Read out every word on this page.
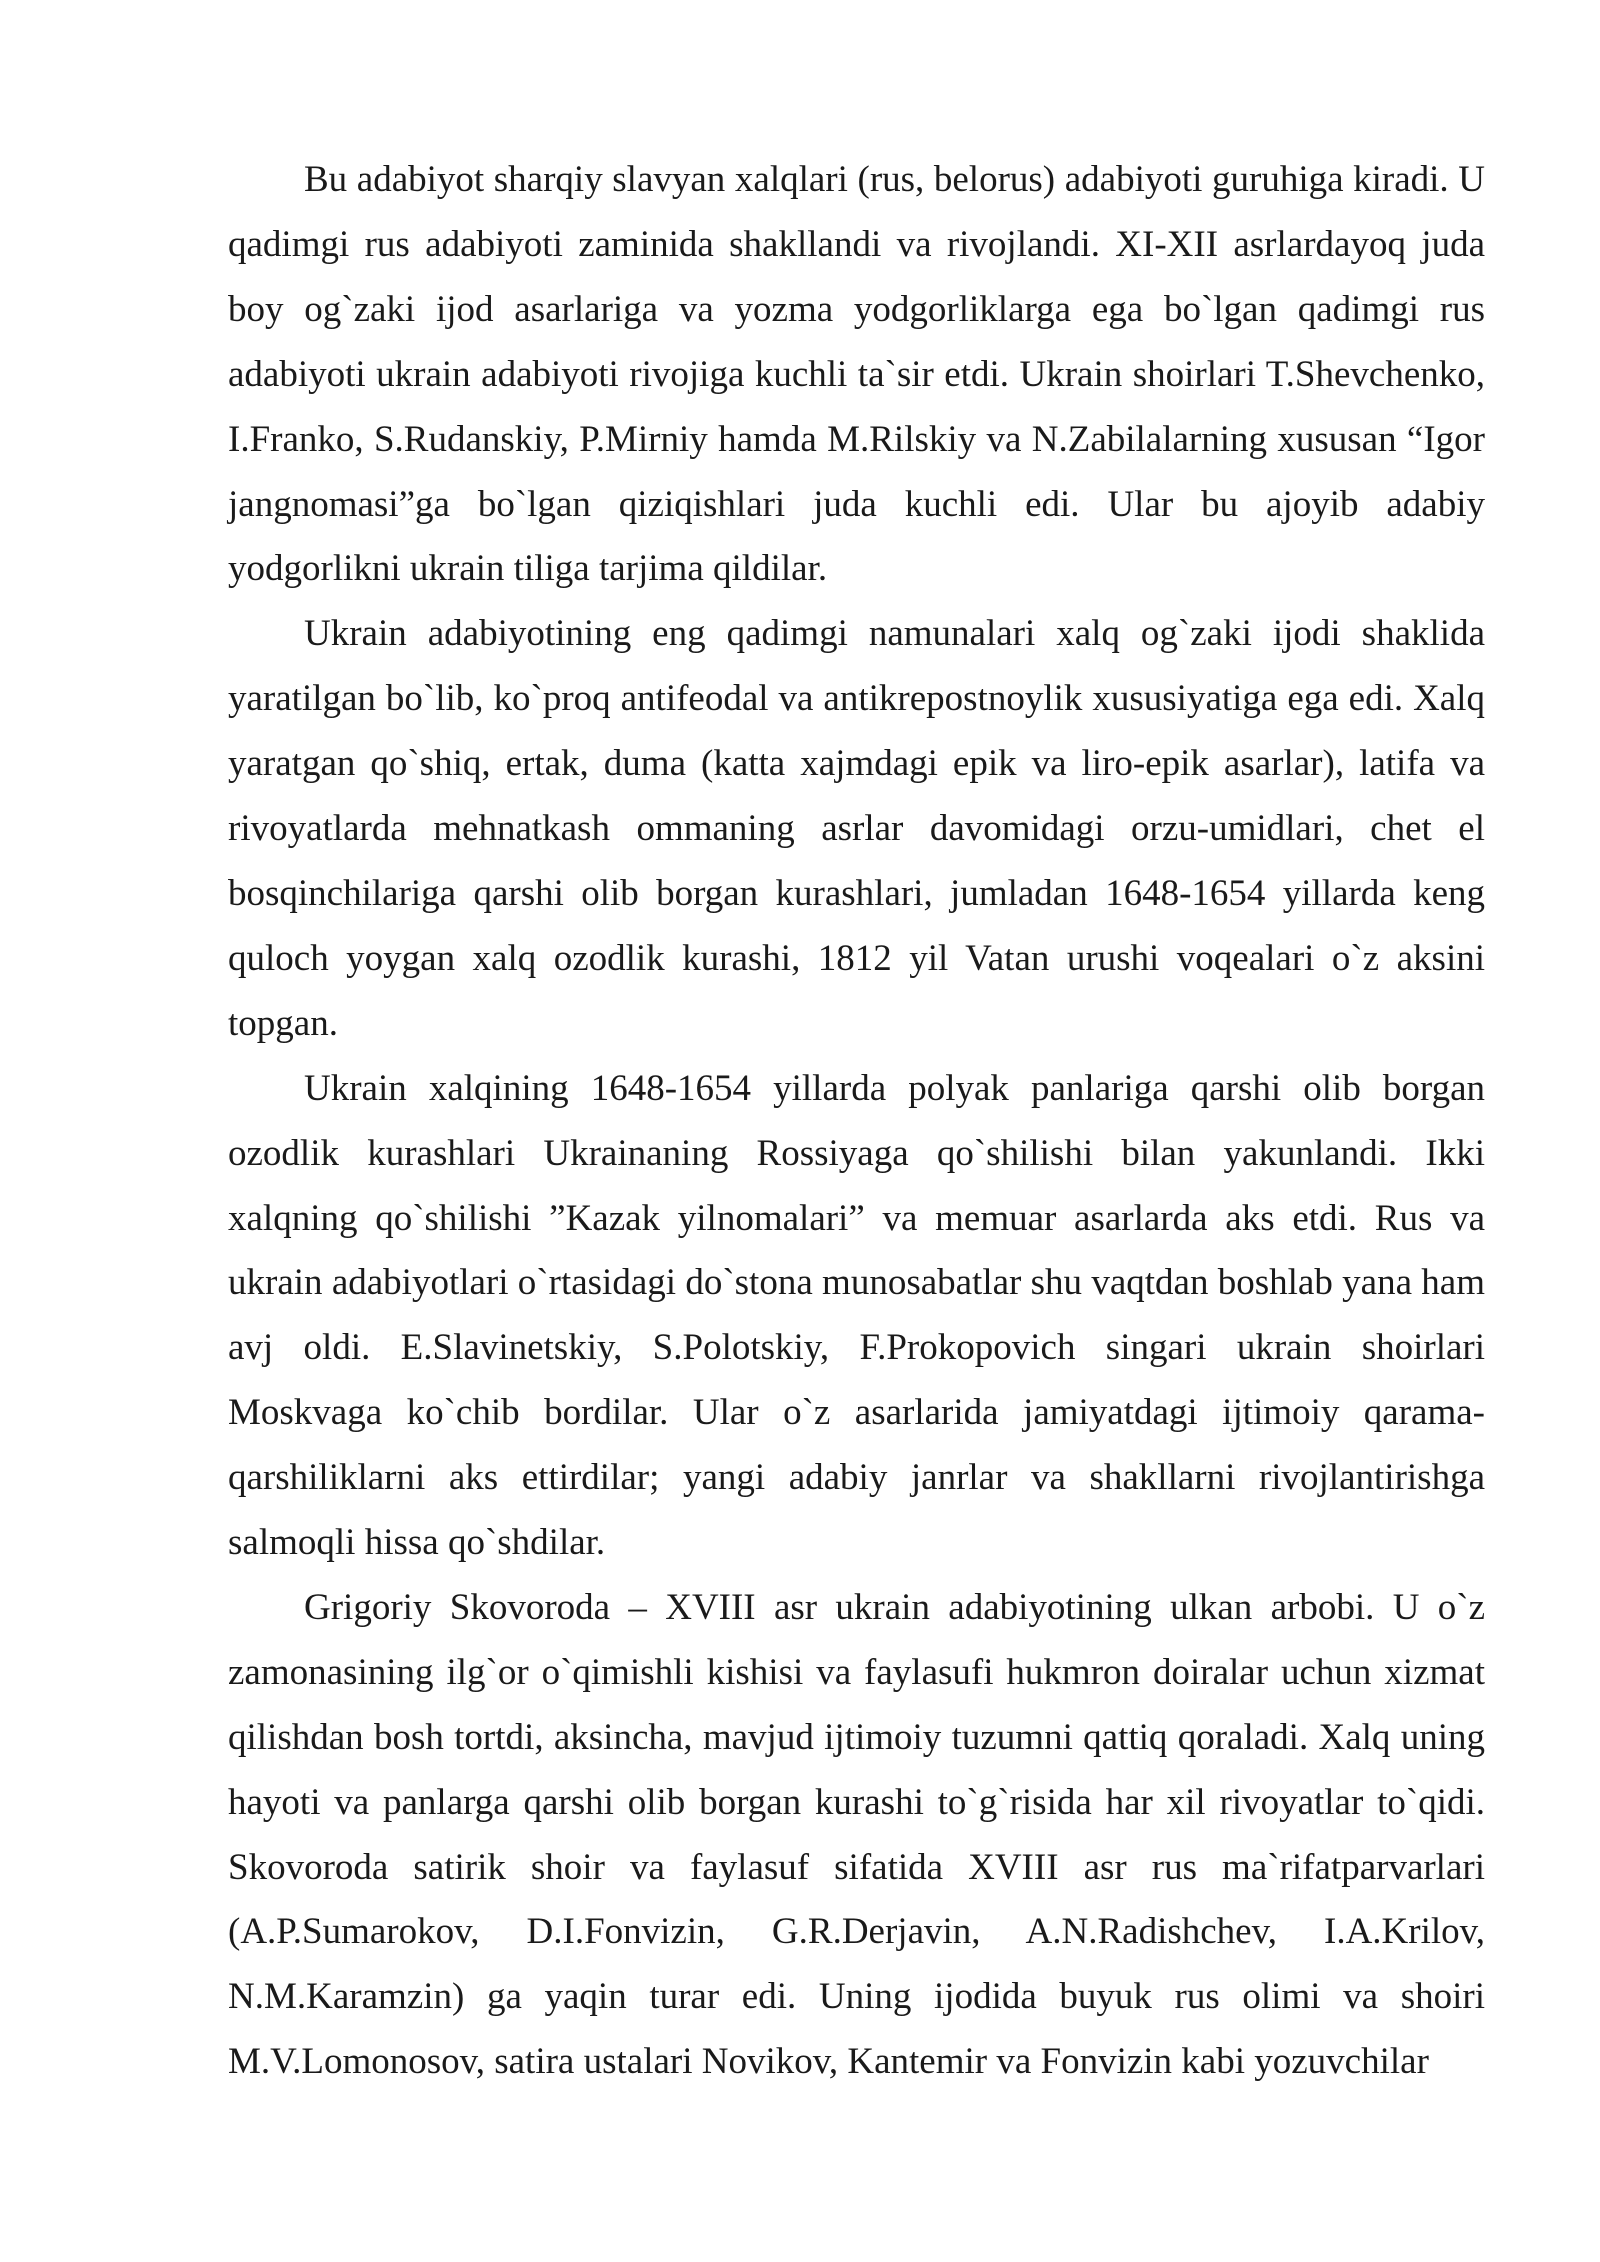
Bu adabiyot sharqiy slavyan xalqlari (rus, belorus) adabiyoti guruhiga kiradi. U qadimgi rus adabiyoti zaminida shakllandi va rivojlandi. XI-XII asrlardayoq juda boy og`zaki ijod asarlariga va yozma yodgorliklarga ega bo`lgan qadimgi rus adabiyoti ukrain adabiyoti rivojiga kuchli ta`sir etdi. Ukrain shoirlari T.Shevchenko, I.Franko, S.Rudanskiy, P.Mirniy hamda M.Rilskiy va N.Zabilalarning xususan “Igor jangnomasi”ga bo`lgan qiziqishlari juda kuchli edi. Ular bu ajoyib adabiy yodgorlikni ukrain tiliga tarjima qildilar.

Ukrain adabiyotining eng qadimgi namunalari xalq og`zaki ijodi shaklida yaratilgan bo`lib, ko`proq antifeodal va antikrepostnoylik xususiyatiga ega edi. Xalq yaratgan qo`shiq, ertak, duma (katta xajmdagi epik va liro-epik asarlar), latifa va rivoyatlarda mehnatkash ommaning asrlar davomidagi orzu-umidlari, chet el bosqinchilariga qarshi olib borgan kurashlari, jumladan 1648-1654 yillarda keng quloch yoygan xalq ozodlik kurashi, 1812 yil Vatan urushi voqealari o`z aksini topgan.

Ukrain xalqining 1648-1654 yillarda polyak panlariga qarshi olib borgan ozodlik kurashlari Ukrainaning Rossiyaga qo`shilishi bilan yakunlandi. Ikki xalqning qo`shilishi ”Kazak yilnomalari” va memuar asarlarda aks etdi. Rus va ukrain adabiyotlari o`rtasidagi do`stona munosabatlar shu vaqtdan boshlab yana ham avj oldi. E.Slavinetskiy, S.Polotskiy, F.Prokopovich singari ukrain shoirlari Moskvaga ko`chib bordilar. Ular o`z asarlarida jamiyatdagi ijtimoiy qarama-qarshiliklarni aks ettirdilar; yangi adabiy janrlar va shakllarni rivojlantirishga salmoqli hissa qo`shdilar.

Grigoriy Skovoroda – XVIII asr ukrain adabiyotining ulkan arbobi. U o`z zamonasining ilg`or o`qimishli kishisi va faylasufi hukmron doiralar uchun xizmat qilishdan bosh tortdi, aksincha, mavjud ijtimoiy tuzumni qattiq qoraladi. Xalq uning hayoti va panlarga qarshi olib borgan kurashi to`g`risida har xil rivoyatlar to`qidi. Skovoroda satirik shoir va faylasuf sifatida XVIII asr rus ma`rifatparvarlari (A.P.Sumarokov, D.I.Fonvizin, G.R.Derjavin, A.N.Radishchev, I.A.Krilov, N.M.Karamzin) ga yaqin turar edi. Uning ijodida buyuk rus olimi va shoiri M.V.Lomonosov, satira ustalari Novikov, Kantemir va Fonvizin kabi yozuvchilar
